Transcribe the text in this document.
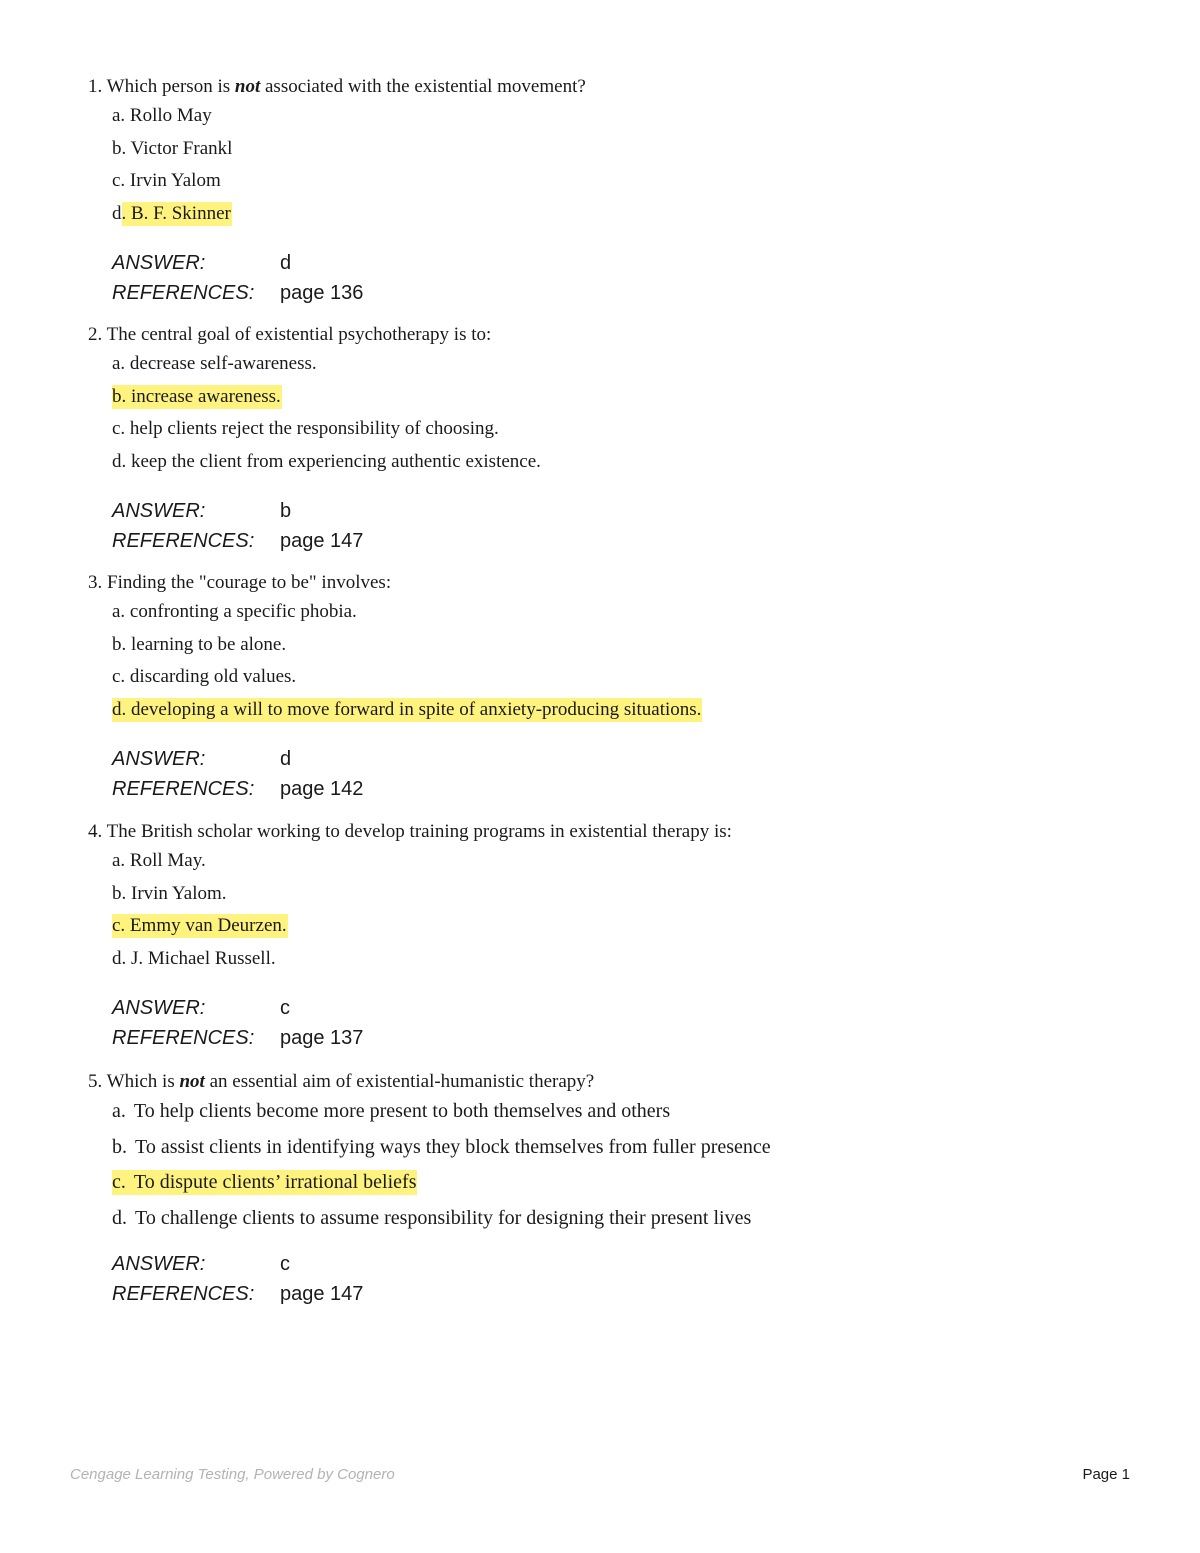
1. Which person is not associated with the existential movement?

a. Rollo May
b. Victor Frankl
c. Irvin Yalom
d. B. F. Skinner
ANSWER:	d
REFERENCES:	page 136

2. The central goal of existential psychotherapy is to:

a. decrease self-awareness.
b. increase awareness.
c. help clients reject the responsibility of choosing.
d. keep the client from experiencing authentic existence.
ANSWER:	b
REFERENCES:	page 147

3. Finding the "courage to be" involves:

a. confronting a specific phobia.
b. learning to be alone.
c. discarding old values.
d. developing a will to move forward in spite of anxiety-producing situations.
ANSWER:	d
REFERENCES:	page 142

4. The British scholar working to develop training programs in existential therapy is:

a. Roll May.
b. Irvin Yalom.
c. Emmy van Deurzen.
d. J. Michael Russell.
ANSWER:	c
REFERENCES:	page 137

5. Which is not an essential aim of existential-humanistic therapy?

a. To help clients become more present to both themselves and others
b. To assist clients in identifying ways they block themselves from fuller presence
c. To dispute clients’ irrational beliefs
d. To challenge clients to assume responsibility for designing their present lives
ANSWER:	c
REFERENCES:	page 147
Cengage Learning Testing, Powered by Cognero	Page 1
